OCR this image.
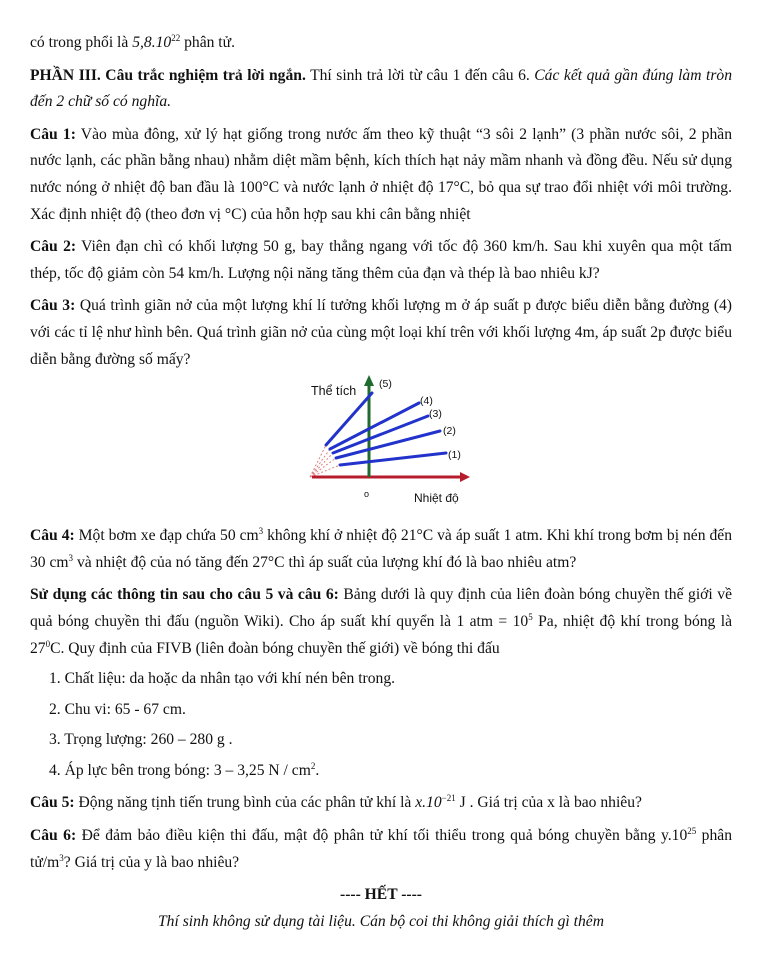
có trong phổi là 5,8.10$^{22}$ phân tử.

PHẦN III. Câu trắc nghiệm trả lời ngắn. Thí sinh trả lời từ câu 1 đến câu 6. Các kết quả gần đúng làm tròn đến 2 chữ số có nghĩa.

Câu 1: Vào mùa đông, xử lý hạt giống trong nước ấm theo kỹ thuật “3 sôi 2 lạnh” (3 phần nước sôi, 2 phần nước lạnh, các phần bằng nhau) nhằm diệt mầm bệnh, kích thích hạt nảy mầm nhanh và đồng đều. Nếu sử dụng nước nóng ở nhiệt độ ban đầu là 100°C và nước lạnh ở nhiệt độ 17°C, bỏ qua sự trao đổi nhiệt với môi trường. Xác định nhiệt độ (theo đơn vị °C) của hỗn hợp sau khi cân bằng nhiệt

Câu 2: Viên đạn chì có khối lượng 50 g, bay thẳng ngang với tốc độ 360 km/h. Sau khi xuyên qua một tấm thép, tốc độ giảm còn 54 km/h. Lượng nội năng tăng thêm của đạn và thép là bao nhiêu kJ?

Câu 3: Quá trình giãn nở của một lượng khí lí tưởng khối lượng m ở áp suất p được biểu diễn bằng đường (4) với các tỉ lệ như hình bên. Quá trình giãn nở của cùng một loại khí trên với khối lượng 4m, áp suất 2p được biểu diễn bằng đường số mấy?

Thể tích
o	Nhiệt độ
(1)
(2)
(3)
(4)
(5)

Câu 4: Một bơm xe đạp chứa 50 $cm^3$ không khí ở nhiệt độ 21°C và áp suất 1 atm. Khi khí trong bơm bị nén đến 30 $cm^3$ và nhiệt độ của nó tăng đến 27°C thì áp suất của lượng khí đó là bao nhiêu atm?

Sử dụng các thông tin sau cho câu 5 và câu 6: Bảng dưới là quy định của liên đoàn bóng chuyền thế giới về quả bóng chuyền thi đấu (nguồn Wiki). Cho áp suất khí quyển là 1 atm = $10^5$ Pa, nhiệt độ khí trong bóng là $27^0C$. Quy định của FIVB (liên đoàn bóng chuyền thế giới) về bóng thi đấu

1. Chất liệu: da hoặc da nhân tạo với khí nén bên trong.

2. Chu vi: 65 - 67 cm.

3. Trọng lượng: 260 – 280 g .

4. Áp lực bên trong bóng: 3 – 3,25 N / $cm^2$.

Câu 5: Động năng tịnh tiến trung bình của các phân tử khí là $x.10^{-21}$ J . Giá trị của x là bao nhiêu?

Câu 6: Để đảm bảo điều kiện thi đấu, mật độ phân tử khí tối thiểu trong quả bóng chuyền bằng $y.10^{25}$ phân $tử/m^3$? Giá trị của y là bao nhiêu?

---- HẾT ----

Thí sinh không sử dụng tài liệu. Cán bộ coi thi không giải thích gì thêm
